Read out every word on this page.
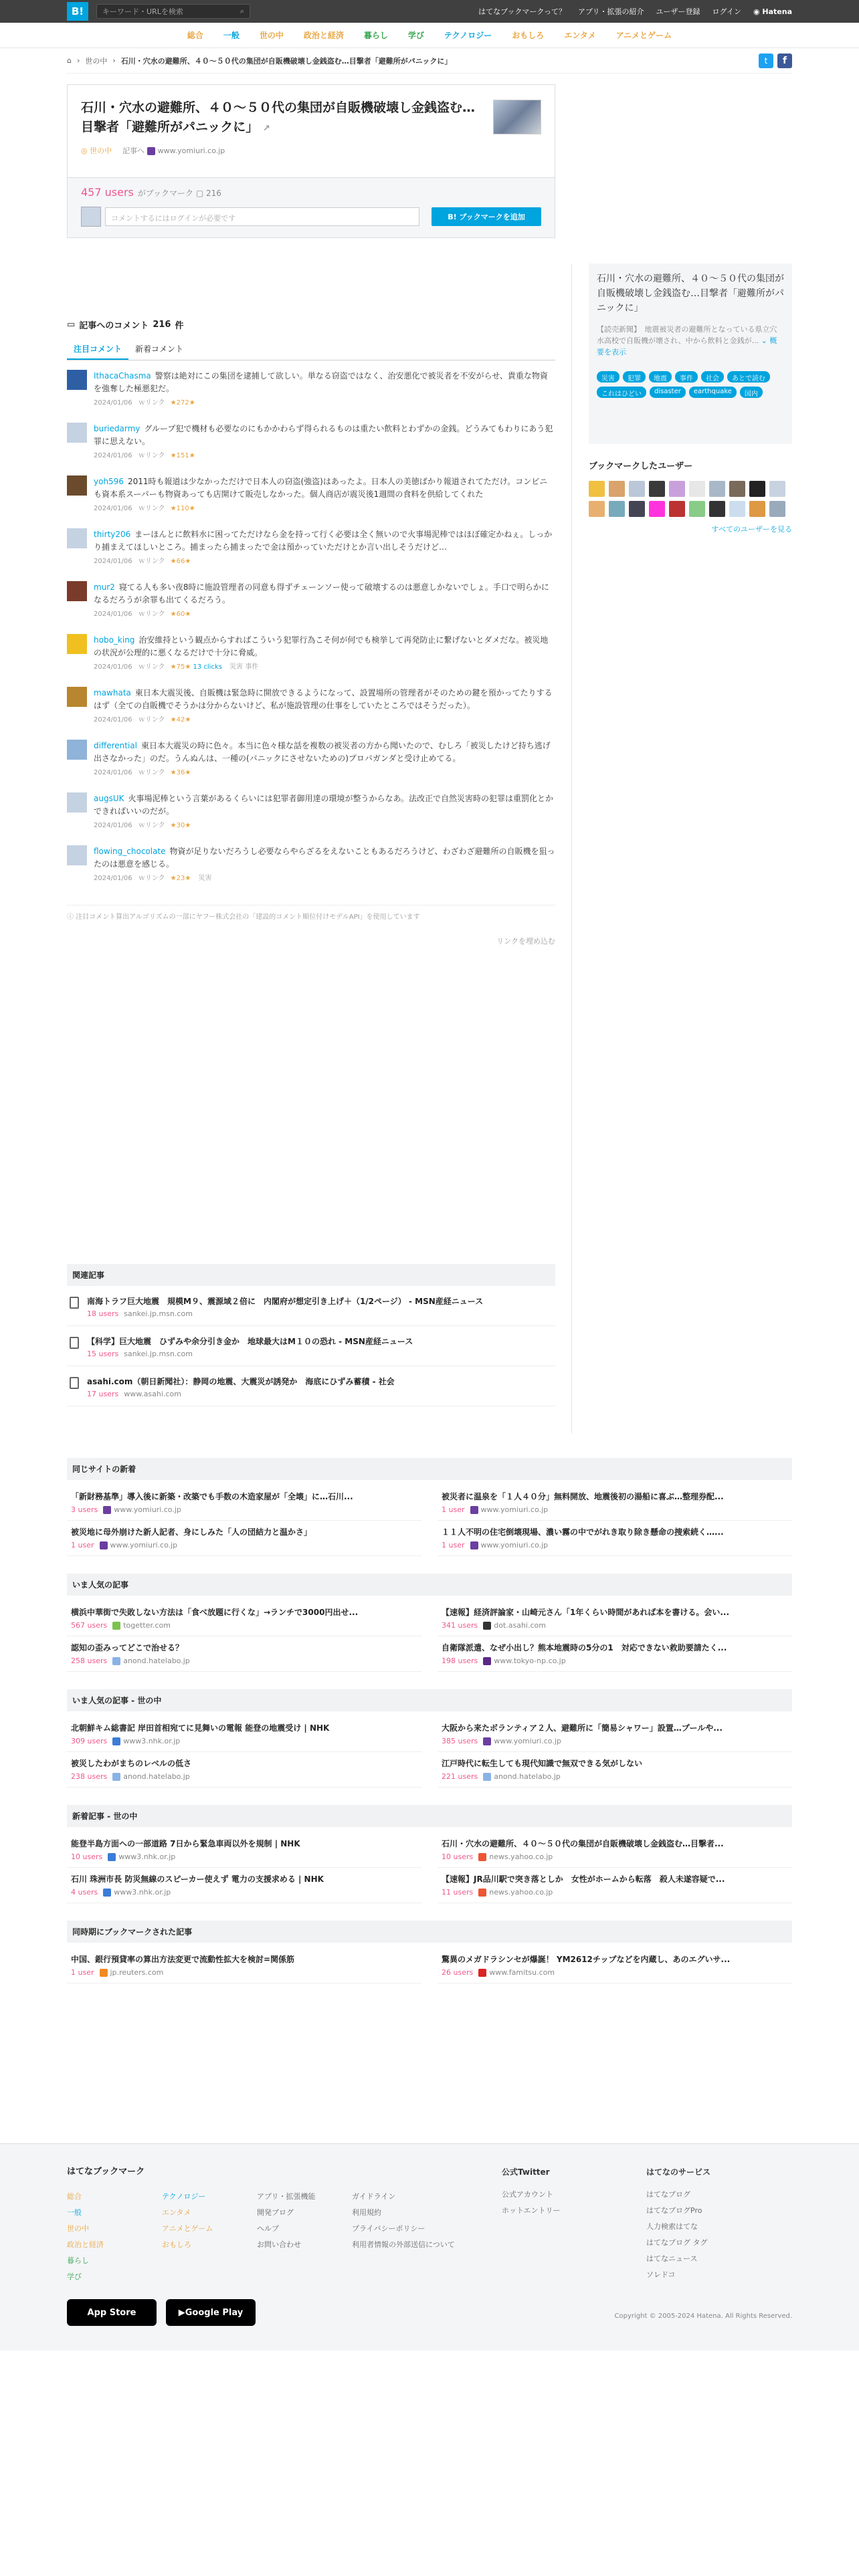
B!	キーワード・URLを検索	⌕	はてなブックマークって？ アプリ・拡張の紹介 ユーザー登録 ログイン ◉ Hatena
総合	一般	世の中	政治と経済	暮らし	学び	テクノロジー	おもしろ	エンタメ	アニメとゲーム
⌂ › 世の中 › 石川・穴水の避難所、４０～５０代の集団が自販機破壊し金銭盗む…目撃者「避難所がパニックに」	t	f
石川・穴水の避難所、４０～５０代の集団が自販機破壊し金銭盗む…目撃者「避難所がパニックに」 ↗
◎ 世の中 記事へ www.yomiuri.co.jp
457 users がブックマーク ▢ 216
コメントするにはログインが必要です	B! ブックマークを追加
石川・穴水の避難所、４０～５０代の集団が自販機破壊し金銭盗む…目撃者「避難所がパニックに」
【読売新聞】　地震被災者の避難所となっている県立穴水高校で自販機が壊され、中から飲料と金銭が... ⌄ 概要を表示
災害	犯罪	地震	事件	社会	あとで読む
これはひどい	disaster	earthquake	国内
ブックマークしたユーザー
すべてのユーザーを見る
▭ 記事へのコメント 216 件
注目コメント	新着コメント
IthacaChasma 警察は絶対にこの集団を逮捕して欲しい。単なる窃盗ではなく、治安悪化で被災者を不安がらせ、貴重な物資を強奪した極悪犯だ。
2024/01/06 ｗリンク ★272★
buriedarmy グループ犯で機材も必要なのにもかかわらず得られるものは重たい飲料とわずかの金銭。どうみてもわりにあう犯罪に思えない。
2024/01/06 ｗリンク ★151★
yoh596 2011時も報道は少なかっただけで日本人の窃盗(強盗)はあったよ。日本人の美徳ばかり報道されてただけ。コンビニも資本系スーパーも物資あっても店開けて販売しなかった。個人商店が震災後1週間の食料を供給してくれた
2024/01/06 ｗリンク ★110★
thirty206 まーほんとに飲料水に困ってただけなら金を持って行く必要は全く無いので火事場泥棒ではほぼ確定かねぇ。しっかり捕まえてほしいところ。捕まったら捕まったで金は預かっていただけとか言い出しそうだけど…
2024/01/06 ｗリンク ★66★
mur2 寝てる人も多い夜8時に施設管理者の同意も得ずチェーンソー使って破壊するのは悪意しかないでしょ。手口で明らかになるだろうが余罪も出てくるだろう。
2024/01/06 ｗリンク ★60★
hobo_king 治安維持という観点からすればこういう犯罪行為こそ何が何でも検挙して再発防止に繋げないとダメだな。被災地の状況が公理的に悪くなるだけで十分に脅威。
2024/01/06 ｗリンク ★75★ 13 clicks 災害 事件
mawhata 東日本大震災後、自販機は緊急時に開放できるようになって、設置場所の管理者がそのための鍵を預かってたりするはず（全ての自販機でそうかは分からないけど、私が施設管理の仕事をしていたところではそうだった）。
2024/01/06 ｗリンク ★42★
differential 東日本大震災の時に色々。本当に色々様な話を複数の被災者の方から聞いたので、むしろ「被災したけど持ち逃げ出さなかった」のだ。うんぬんは、一種の(パニックにさせないための)プロパガンダと受け止めてる。
2024/01/06 ｗリンク ★36★
augsUK 火事場泥棒という言葉があるくらいには犯罪者御用達の環境が整うからなあ。法改正で自然災害時の犯罪は重罰化とかできればいいのだが。
2024/01/06 ｗリンク ★30★
flowing_chocolate 物資が足りないだろうし必要ならやらざるをえないこともあるだろうけど、わざわざ避難所の自販機を狙ったのは悪意を感じる。
2024/01/06 ｗリンク ★23★ 災害
ⓘ 注目コメント算出アルゴリズムの一部にヤフー株式会社の「建設的コメント順位付けモデルAPI」を使用しています
リンクを埋め込む
関連記事
南海トラフ巨大地震　規模M９、震源域２倍に　内閣府が想定引き上げ＋（1/2ページ） - MSN産経ニュース
18 users sankei.jp.msn.com
【科学】巨大地震　ひずみや余分引き金か　地球最大はM１０の恐れ - MSN産経ニュース
15 users sankei.jp.msn.com
asahi.com（朝日新聞社）：静岡の地震、大震災が誘発か　海底にひずみ蓄積 - 社会
17 users www.asahi.com
同じサイトの新着
「新財務基準」導入後に新築・改築でも手数の木造家屋が「全壊」に…石川...
3 users www.yomiuri.co.jp
被災者に温泉を「１人４０分」無料開放、地震後初の湯船に喜ぶ…整理券配...
1 user www.yomiuri.co.jp
被災地に母外崩けた新人記者、身にしみた「人の団結力と温かさ」
1 user www.yomiuri.co.jp
１１人不明の住宅倒壊現場、濃い霧の中でがれき取り除き懸命の捜索続く…...
1 user www.yomiuri.co.jp
いま人気の記事
横浜中華街で失敗しない方法は「食べ放題に行くな」→ランチで3000円出せ...
567 users togetter.com
【速報】経済評論家・山崎元さん「1年くらい時間があれば本を書ける。会い...
341 users dot.asahi.com
認知の歪みってどこで治せる？
258 users anond.hatelabo.jp
自衛隊派遣、なぜ小出し？熊本地震時の5分の1　対応できない救助要請たく...
198 users www.tokyo-np.co.jp
いま人気の記事 - 世の中
北朝鮮キム総書記 岸田首相宛てに見舞いの電報 能登の地震受け | NHK
309 users www3.nhk.or.jp
大阪から来たボランティア２人、避難所に「簡易シャワー」設置…プールや...
385 users www.yomiuri.co.jp
被災したわがまちのレベルの低さ
238 users anond.hatelabo.jp
江戸時代に転生しても現代知識で無双できる気がしない
221 users anond.hatelabo.jp
新着記事 - 世の中
能登半島方面への一部道路 7日から緊急車両以外を規制 | NHK
10 users www3.nhk.or.jp
石川・穴水の避難所、４０～５０代の集団が自販機破壊し金銭盗む…目撃者...
10 users news.yahoo.co.jp
石川 珠洲市長 防災無線のスピーカー使えず 電力の支援求める | NHK
4 users www3.nhk.or.jp
【速報】JR品川駅で突き落としか　女性がホームから転落　殺人未遂容疑で...
11 users news.yahoo.co.jp
同時期にブックマークされた記事
中国、銀行預貸率の算出方法変更で流動性拡大を検討=関係筋
1 user jp.reuters.com
驚異のメガドラシンセが爆誕！ YM2612チップなどを内蔵し、あのエグいサ...
26 users www.famitsu.com
はてなブックマーク
総合
一般
世の中
政治と経済
暮らし
学び
テクノロジー
エンタメ
アニメとゲーム
おもしろ
アプリ・拡張機能
開発ブログ
ヘルプ
お問い合わせ
ガイドライン
利用規約
プライバシーポリシー
利用者情報の外部送信について
公式Twitter
公式アカウント
ホットエントリー
はてなのサービス
はてなブログ
はてなブログPro
人力検索はてな
はてなブログ タグ
はてなニュース
ソレドコ
App Store	▶ Google Play	Copyright © 2005-2024 Hatena. All Rights Reserved.
